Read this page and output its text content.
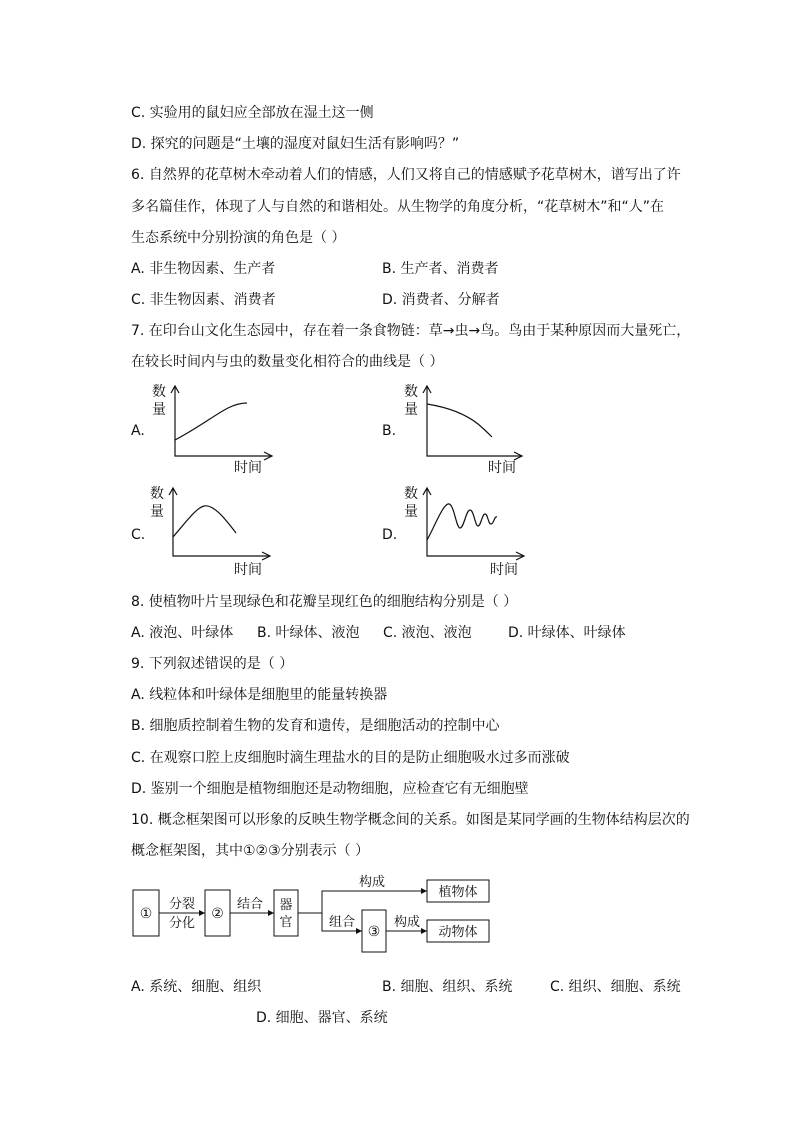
C. 实验用的鼠妇应全部放在湿土这一侧
D. 探究的问题是“土壤的湿度对鼠妇生活有影响吗？”
6. 自然界的花草树木牵动着人们的情感，人们又将自己的情感赋予花草树木，谱写出了许
多名篇佳作，体现了人与自然的和谐相处。从生物学的角度分析，“花草树木”和“人”在
生态系统中分别扮演的角色是（ ）
A. 非生物因素、生产者	B. 生产者、消费者
C. 非生物因素、消费者	D. 消费者、分解者
7. 在印台山文化生态园中，存在着一条食物链：草→虫→鸟。鸟由于某种原因而大量死亡，
在较长时间内与虫的数量变化相符合的曲线是（ ）
A.
数
量
时间
B.
数
量
时间
C.
数
量
时间
D.
数
量
时间
8. 使植物叶片呈现绿色和花瓣呈现红色的细胞结构分别是（ ）
A. 液泡、叶绿体 B. 叶绿体、液泡 C. 液泡、液泡	D. 叶绿体、叶绿体
9. 下列叙述错误的是（ ）
A. 线粒体和叶绿体是细胞里的能量转换器
B. 细胞质控制着生物的发育和遗传，是细胞活动的控制中心
C. 在观察口腔上皮细胞时滴生理盐水的目的是防止细胞吸水过多而涨破
D. 鉴别一个细胞是植物细胞还是动物细胞，应检查它有无细胞壁
10. 概念框架图可以形象的反映生物学概念间的关系。如图是某同学画的生物体结构层次的
概念框架图，其中①②③分别表示（ ）
①	②
③
器
官
分裂
分化
结合
构成
植物体
组合	构成
动物体
A. 系统、细胞、组织	B. 细胞、组织、系统	C. 组织、细胞、系统
D. 细胞、器官、系统
